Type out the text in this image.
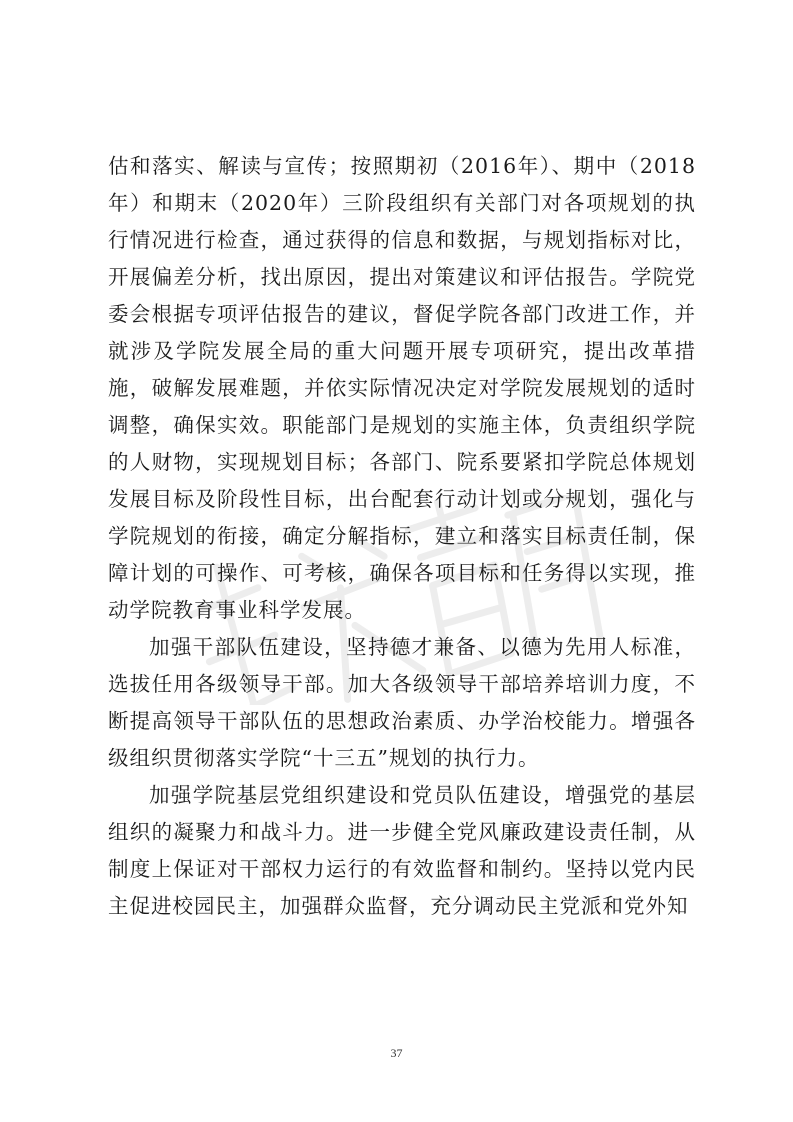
估和落实、解读与宣传；按照期初（2016年）、期中（2018年）和期末（2020年）三阶段组织有关部门对各项规划的执行情况进行检查，通过获得的信息和数据，与规划指标对比，开展偏差分析，找出原因，提出对策建议和评估报告。学院党委会根据专项评估报告的建议，督促学院各部门改进工作，并就涉及学院发展全局的重大问题开展专项研究，提出改革措施，破解发展难题，并依实际情况决定对学院发展规划的适时调整，确保实效。职能部门是规划的实施主体，负责组织学院的人财物，实现规划目标；各部门、院系要紧扣学院总体规划发展目标及阶段性目标，出台配套行动计划或分规划，强化与学院规划的衔接，确定分解指标，建立和落实目标责任制，保障计划的可操作、可考核，确保各项目标和任务得以实现，推动学院教育事业科学发展。

加强干部队伍建设，坚持德才兼备、以德为先用人标准，选拔任用各级领导干部。加大各级领导干部培养培训力度，不断提高领导干部队伍的思想政治素质、办学治校能力。增强各级组织贯彻落实学院“十三五”规划的执行力。

加强学院基层党组织建设和党员队伍建设，增强党的基层组织的凝聚力和战斗力。进一步健全党风廉政建设责任制，从制度上保证对干部权力运行的有效监督和制约。坚持以党内民主促进校园民主，加强群众监督，充分调动民主党派和党外知

37
